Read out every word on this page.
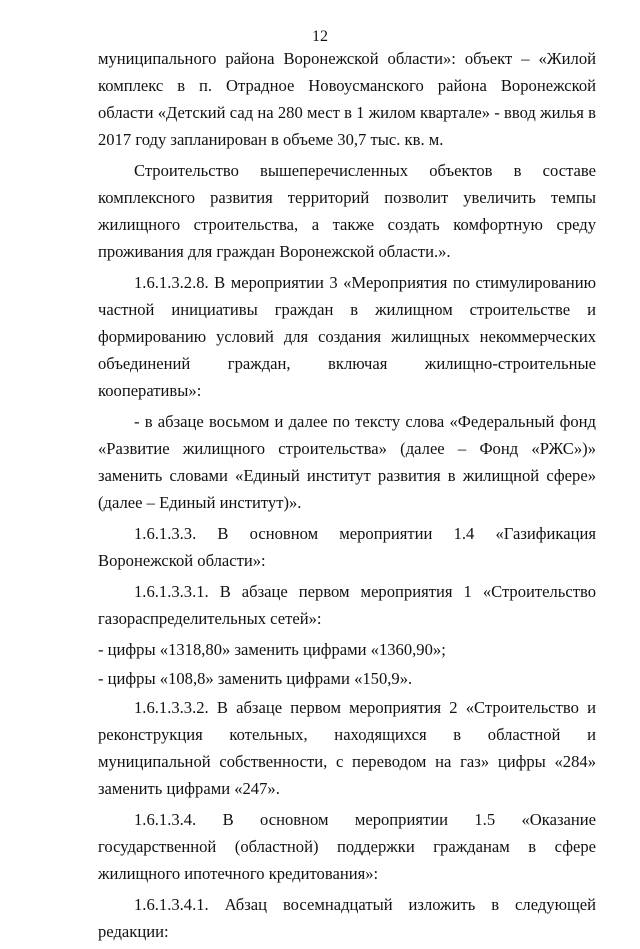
12

муниципального района Воронежской области»: объект – «Жилой комплекс в п. Отрадное Новоусманского района Воронежской области «Детский сад на 280 мест в 1 жилом квартале» - ввод жилья в 2017 году запланирован в объеме 30,7 тыс. кв. м.

Строительство вышеперечисленных объектов в составе комплексного развития территорий позволит увеличить темпы жилищного строительства, а также создать комфортную среду проживания для граждан Воронежской области.».

1.6.1.3.2.8. В мероприятии 3 «Мероприятия по стимулированию частной инициативы граждан в жилищном строительстве и формированию условий для создания жилищных некоммерческих объединений граждан, включая жилищно-строительные кооперативы»:

- в абзаце восьмом и далее по тексту слова «Федеральный фонд «Развитие жилищного строительства» (далее – Фонд «РЖС»)» заменить словами «Единый институт развития в жилищной сфере» (далее – Единый институт)».

1.6.1.3.3. В основном мероприятии 1.4 «Газификация Воронежской области»:

1.6.1.3.3.1. В абзаце первом мероприятия 1 «Строительство газораспределительных сетей»:

- цифры «1318,80» заменить цифрами «1360,90»;

- цифры «108,8» заменить цифрами «150,9».

1.6.1.3.3.2. В абзаце первом мероприятия 2 «Строительство и реконструкция котельных, находящихся в областной и муниципальной собственности, с переводом на газ» цифры «284» заменить цифрами «247».

1.6.1.3.4. В основном мероприятии 1.5 «Оказание государственной (областной) поддержки гражданам в сфере жилищного ипотечного кредитования»:

1.6.1.3.4.1. Абзац восемнадцатый изложить в следующей редакции:
